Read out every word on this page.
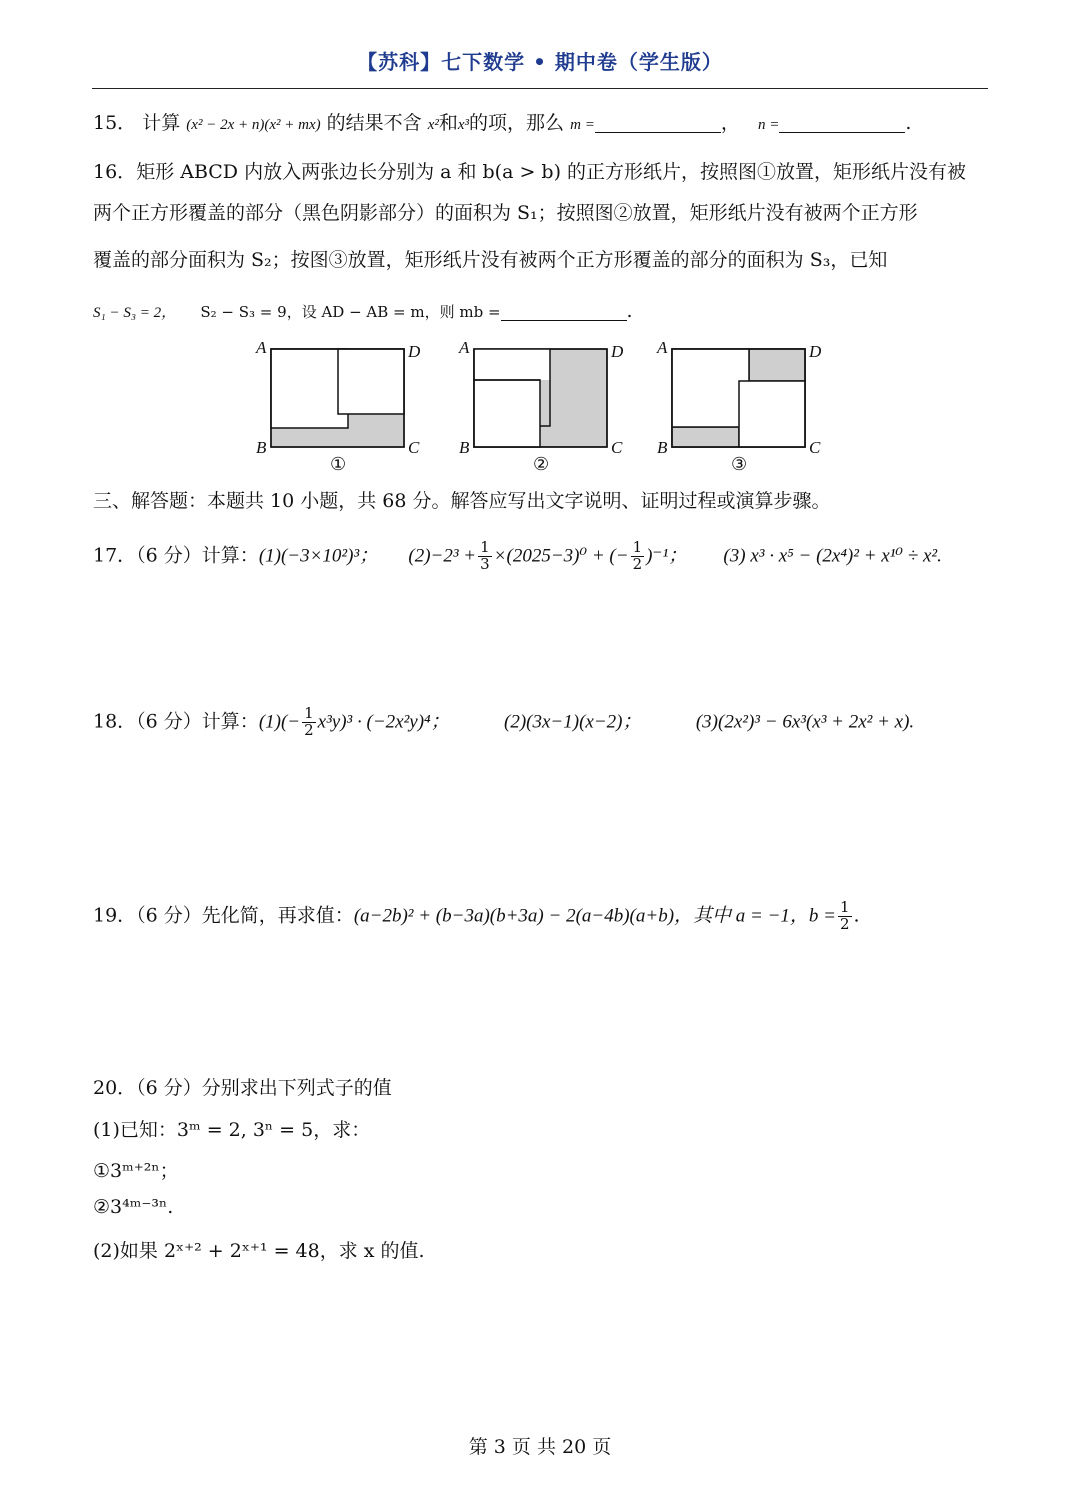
【苏科】七下数学 • 期中卷（学生版）
15． 计算 (x² − 2x + n)(x² + mx) 的结果不含 x²和x³的项，那么 m =	， n =	.
16．矩形 ABCD 内放入两张边长分别为 a 和 b(a > b) 的正方形纸片，按照图①放置，矩形纸片没有被
两个正方形覆盖的部分（黑色阴影部分）的面积为 S₁；按照图②放置，矩形纸片没有被两个正方形
覆盖的部分面积为 S₂；按图③放置，矩形纸片没有被两个正方形覆盖的部分的面积为 S₃，已知
S₁ − S₃ = 2， S₂ − S₃ = 9，设 AD − AB = m，则 mb =	.
A	D
B	C
①
A	D
B	C
②
A	D
B	C
③
三、解答题：本题共 10 小题，共 68 分。解答应写出文字说明、证明过程或演算步骤。
17．（6 分）计算：(1)(−3×10²)³； $(2)-2^3 + \frac{1}{3} \times(2025-3)^0$ + (− $\frac{1}{2} )^{-1}$； (3) x³ · x⁵ − (2x⁴)² + x¹⁰ ÷ x².
18．（6 分）计算：$(1)(- \frac{1}{2} x^3y)^3 \cdot (-2x^2y)^4$；	(2)(3x−1)(x−2)；	(3)(2x²)³ − 6x³(x³ + 2x² + x).
19．（6 分）先化简，再求值：(a−2b)² + (b−3a)(b+3a) − 2(a−4b)(a+b)，其中 a = −1，$b = \frac{1}{2}$ .
20．（6 分）分别求出下列式子的值
(1)已知：3ᵐ = 2, 3ⁿ = 5，求：
①3ᵐ⁺²ⁿ；
②3⁴ᵐ⁻³ⁿ.
(2)如果 2ˣ⁺² + 2ˣ⁺¹ = 48，求 x 的值.
第 3 页 共 20 页
